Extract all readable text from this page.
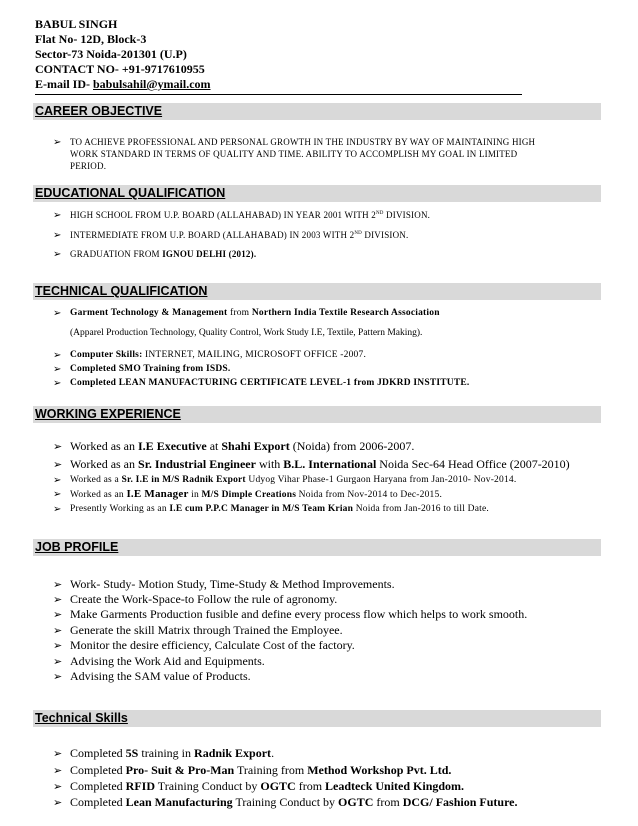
BABUL SINGH
Flat No- 12D, Block-3
Sector-73 Noida-201301 (U.P)
CONTACT NO- +91-9717610955
E-mail ID- babulsahil@ymail.com
CAREER OBJECTIVE
➢ TO ACHIEVE PROFESSIONAL AND PERSONAL GROWTH IN THE INDUSTRY BY WAY OF MAINTAINING HIGH
WORK STANDARD IN TERMS OF QUALITY AND TIME. ABILITY TO ACCOMPLISH MY GOAL IN LIMITED
PERIOD.
EDUCATIONAL QUALIFICATION
➢ HIGH SCHOOL FROM U.P. BOARD (ALLAHABAD) IN YEAR 2001 WITH 2ND DIVISION.
➢ INTERMEDIATE FROM U.P. BOARD (ALLAHABAD) IN 2003 WITH 2ND DIVISION.
➢ GRADUATION FROM IGNOU DELHI (2012).
TECHNICAL QUALIFICATION
➢ Garment Technology & Management from Northern India Textile Research Association
(Apparel Production Technology, Quality Control, Work Study I.E, Textile, Pattern Making).
➢ Computer Skills: INTERNET, MAILING, MICROSOFT OFFICE -2007.
➢ Completed SMO Training from ISDS.
➢ Completed LEAN MANUFACTURING CERTIFICATE LEVEL-1 from JDKRD INSTITUTE.
WORKING EXPERIENCE
➢ Worked as an I.E Executive at Shahi Export (Noida) from 2006-2007.
➢ Worked as an Sr. Industrial Engineer with B.L. International Noida Sec-64 Head Office (2007-2010)
➢ Worked as a Sr. I.E in M/S Radnik Export Udyog Vihar Phase-1 Gurgaon Haryana from Jan-2010- Nov-2014.
➢ Worked as an I.E Manager in M/S Dimple Creations Noida from Nov-2014 to Dec-2015.
➢ Presently Working as an I.E cum P.P.C Manager in M/S Team Krian Noida from Jan-2016 to till Date.
JOB PROFILE
➢ Work- Study- Motion Study, Time-Study & Method Improvements.
➢ Create the Work-Space-to Follow the rule of agronomy.
➢ Make Garments Production fusible and define every process flow which helps to work smooth.
➢ Generate the skill Matrix through Trained the Employee.
➢ Monitor the desire efficiency, Calculate Cost of the factory.
➢ Advising the Work Aid and Equipments.
➢ Advising the SAM value of Products.
Technical Skills
➢ Completed 5S training in Radnik Export.
➢ Completed Pro- Suit & Pro-Man Training from Method Workshop Pvt. Ltd.
➢ Completed RFID Training Conduct by OGTC from Leadteck United Kingdom.
➢ Completed Lean Manufacturing Training Conduct by OGTC from DCG/ Fashion Future.
